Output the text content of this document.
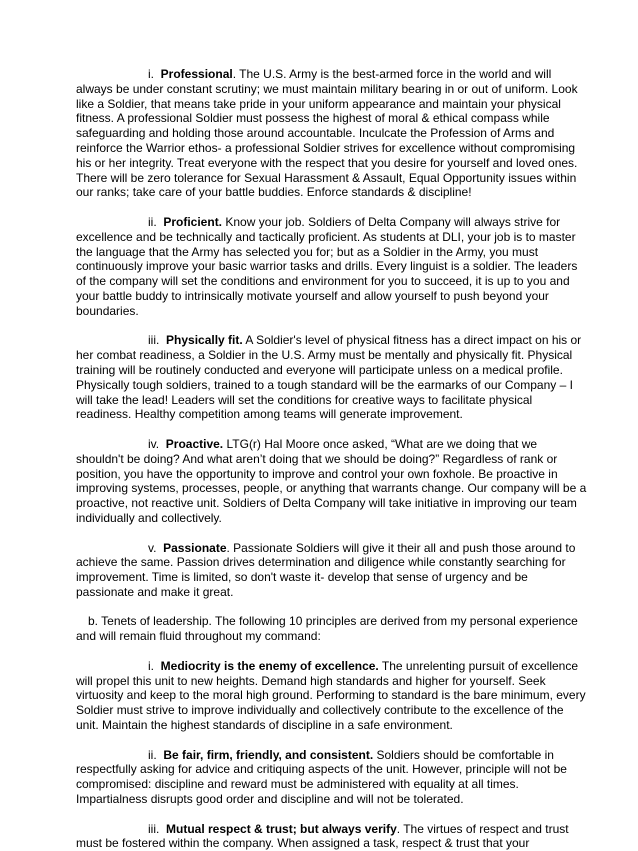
i. Professional. The U.S. Army is the best-armed force in the world and will always be under constant scrutiny; we must maintain military bearing in or out of uniform. Look like a Soldier, that means take pride in your uniform appearance and maintain your physical fitness. A professional Soldier must possess the highest of moral & ethical compass while safeguarding and holding those around accountable. Inculcate the Profession of Arms and reinforce the Warrior ethos- a professional Soldier strives for excellence without compromising his or her integrity. Treat everyone with the respect that you desire for yourself and loved ones. There will be zero tolerance for Sexual Harassment & Assault, Equal Opportunity issues within our ranks; take care of your battle buddies. Enforce standards & discipline!

ii. Proficient. Know your job. Soldiers of Delta Company will always strive for excellence and be technically and tactically proficient. As students at DLI, your job is to master the language that the Army has selected you for; but as a Soldier in the Army, you must continuously improve your basic warrior tasks and drills. Every linguist is a soldier. The leaders of the company will set the conditions and environment for you to succeed, it is up to you and your battle buddy to intrinsically motivate yourself and allow yourself to push beyond your boundaries.

iii. Physically fit. A Soldier's level of physical fitness has a direct impact on his or her combat readiness, a Soldier in the U.S. Army must be mentally and physically fit. Physical training will be routinely conducted and everyone will participate unless on a medical profile. Physically tough soldiers, trained to a tough standard will be the earmarks of our Company – I will take the lead! Leaders will set the conditions for creative ways to facilitate physical readiness. Healthy competition among teams will generate improvement.

iv. Proactive. LTG(r) Hal Moore once asked, “What are we doing that we shouldn't be doing? And what aren’t doing that we should be doing?” Regardless of rank or position, you have the opportunity to improve and control your own foxhole. Be proactive in improving systems, processes, people, or anything that warrants change. Our company will be a proactive, not reactive unit. Soldiers of Delta Company will take initiative in improving our team individually and collectively.

v. Passionate. Passionate Soldiers will give it their all and push those around to achieve the same. Passion drives determination and diligence while constantly searching for improvement. Time is limited, so don't waste it- develop that sense of urgency and be passionate and make it great.

b. Tenets of leadership. The following 10 principles are derived from my personal experience and will remain fluid throughout my command:

i. Mediocrity is the enemy of excellence. The unrelenting pursuit of excellence will propel this unit to new heights. Demand high standards and higher for yourself. Seek virtuosity and keep to the moral high ground. Performing to standard is the bare minimum, every Soldier must strive to improve individually and collectively contribute to the excellence of the unit. Maintain the highest standards of discipline in a safe environment.

ii. Be fair, firm, friendly, and consistent. Soldiers should be comfortable in respectfully asking for advice and critiquing aspects of the unit. However, principle will not be compromised: discipline and reward must be administered with equality at all times. Impartialness disrupts good order and discipline and will not be tolerated.

iii. Mutual respect & trust; but always verify. The virtues of respect and trust must be fostered within the company. When assigned a task, respect & trust that your
